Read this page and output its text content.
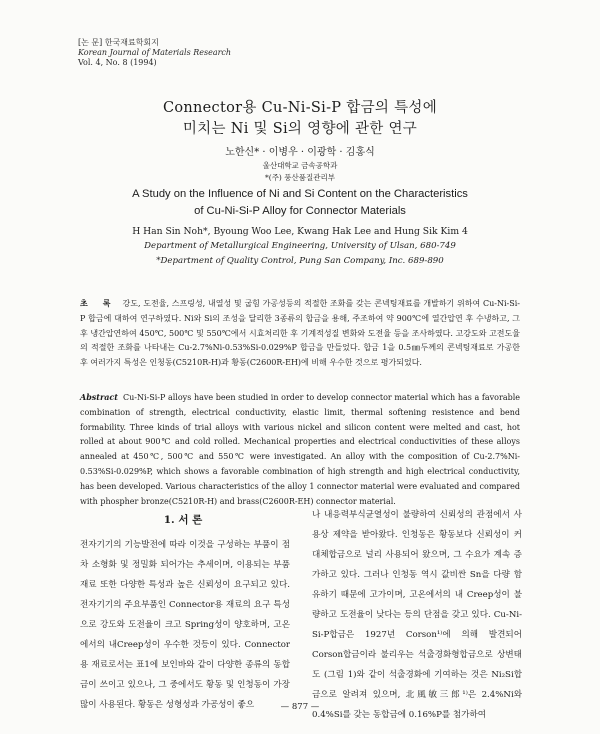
[논 문] 한국재료학회지
Korean Journal of Materials Research
Vol. 4, No. 8 (1994)
Connector용 Cu-Ni-Si-P 합금의 특성에
미치는 Ni 및 Si의 영향에 관한 연구
노한신* · 이병우 · 이광학 · 김홍식
울산대학교 금속공학과
*(주) 풍산품질관리부
A Study on the Influence of Ni and Si Content on the Characteristics
of Cu-Ni-Si-P Alloy for Connector Materials
H Han Sin Noh*, Byoung Woo Lee, Kwang Hak Lee and Hung Sik Kim 4
Department of Metallurgical Engineering, University of Ulsan, 680-749
*Department of Quality Control, Pung San Company, Inc. 689-890
초 록 강도, 도전율, 스프링성, 내열성 및 굽힘 가공성등의 적절한 조화를 갖는 콘넥팅재료를 개발하기 위하여 Cu-Ni-Si-P 합금에 대하여 연구하였다. Ni와 Si의 조성을 달리한 3종류의 합금을 용해, 주조하여 약 900℃에 열간압연 후 수냉하고, 그 후 냉간압연하여 450℃, 500℃ 및 550℃에서 시효처리한 후 기계적성질 변화와 도전율 등을 조사하였다. 고강도와 고전도율의 적절한 조화를 나타내는 Cu-2.7%Ni-0.53%Si-0.029%P 합금을 만들었다. 합금 1을 0.5㎜두께의 콘넥팅재료로 가공한 후 여러가지 특성은 인청동(C5210R-H)과 황동(C2600R-EH)에 비해 우수한 것으로 평가되었다.
Abstract Cu-Ni-Si-P alloys have been studied in order to develop connector material which has a favorable combination of strength, electrical conductivity, elastic limit, thermal softening resistence and bend formability. Three kinds of trial alloys with various nickel and silicon content were melted and cast, hot rolled at about 900℃ and cold rolled. Mechanical properties and electrical conductivities of these alloys annealed at 450℃, 500℃ and 550℃ were investigated. An alloy with the composition of Cu-2.7%Ni-0.53%Si-0.029%P, which shows a favorable combination of high strength and high electrical conductivity, has been developed. Various characteristics of the alloy 1 connector material were evaluated and compared with phospher bronze(C5210R-H) and brass(C2600R-EH) connector material.
1. 서 론
전자기기의 기능발전에 따라 이것을 구성하는 부품이 점차 소형화 및 정밀화 되어가는 추세이며, 이용되는 부품재료 또한 다양한 특성과 높은 신뢰성이 요구되고 있다. 전자기기의 주요부품인 Connector용 재료의 요구 특성으로 강도와 도전율이 크고 Spring성이 양호하며, 고온에서의 내Creep성이 우수한 것등이 있다. Connector용 재료로서는 표1에 보인바와 같이 다양한 종류의 동합금이 쓰이고 있으나, 그 중에서도 황동 및 인청동이 가장 많이 사용된다. 황동은 성형성과 가공성이 좋으
나 내응력부식균열성이 불량하여 신뢰성의 관점에서 사용상 제약을 받아왔다. 인청동은 황동보다 신뢰성이 커 대체합금으로 널리 사용되어 왔으며, 그 수요가 계속 증가하고 있다. 그러나 인청동 역시 값비싼 Sn을 다량 함유하기 때문에 고가이며, 고온에서의 내 Creep성이 불량하고 도전율이 낮다는 등의 단점을 갖고 있다. Cu-Ni-Si-P합금은 1927년 Corson¹⁾에 의해 발견되어 Corson합금이라 불리우는 석출경화형합금으로 상변태도 (그림 1)와 같이 석출경화에 기여하는 것은 Ni₂Si합금으로 알려져 있으며, 北風敏三郎¹⁾은 2.4%Ni와 0.4%Si를 갖는 동합금에 0.16%P를 첨가하여
— 877 —
